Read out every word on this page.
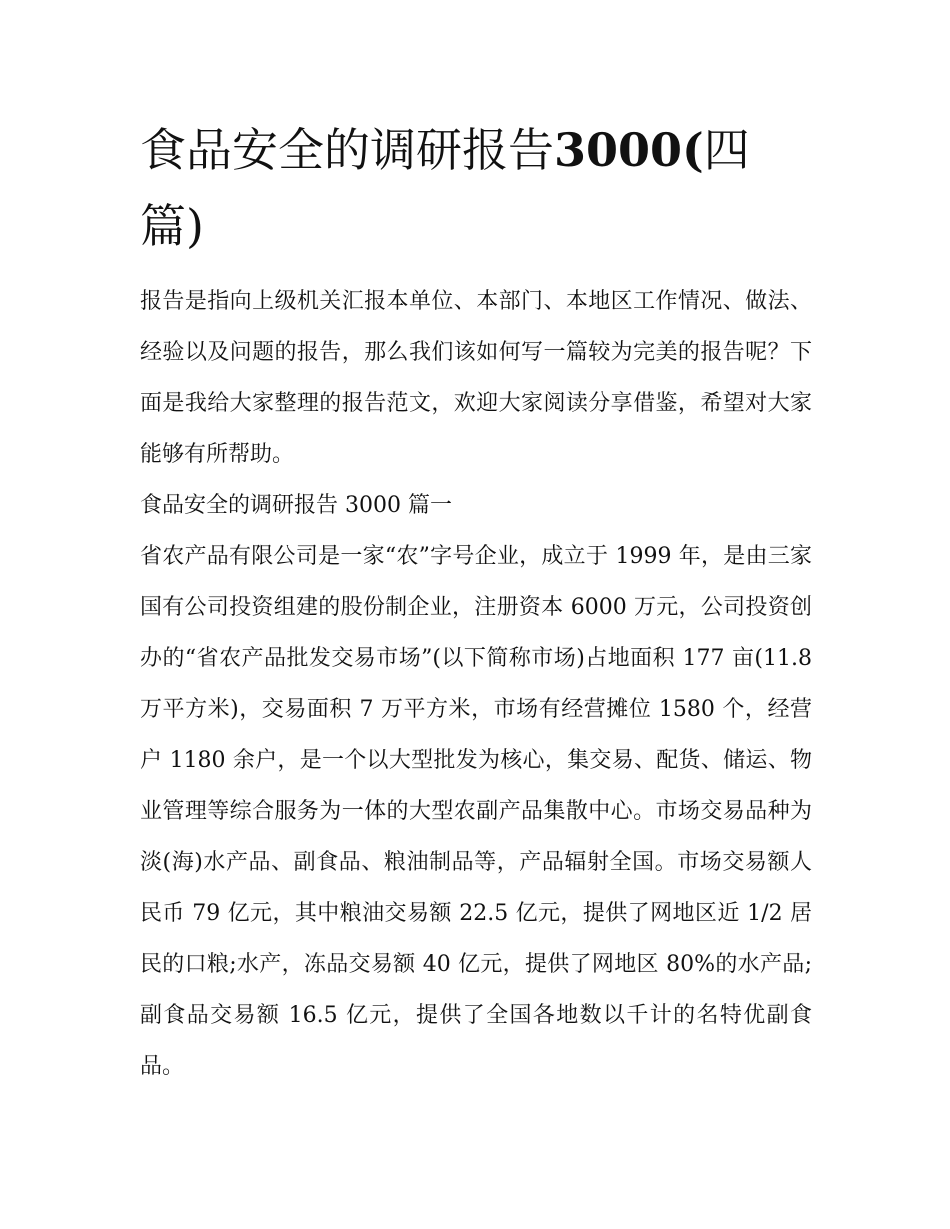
食品安全的调研报告3000(四篇)

报告是指向上级机关汇报本单位、本部门、本地区工作情况、做法、经验以及问题的报告，那么我们该如何写一篇较为完美的报告呢？下面是我给大家整理的报告范文，欢迎大家阅读分享借鉴，希望对大家能够有所帮助。

食品安全的调研报告 3000 篇一

省农产品有限公司是一家“农”字号企业，成立于 1999 年，是由三家国有公司投资组建的股份制企业，注册资本 6000 万元，公司投资创办的“省农产品批发交易市场”(以下简称市场)占地面积 177 亩(11.8 万平方米)，交易面积 7 万平方米，市场有经营摊位 1580 个，经营户 1180 余户，是一个以大型批发为核心，集交易、配货、储运、物业管理等综合服务为一体的大型农副产品集散中心。市场交易品种为淡(海)水产品、副食品、粮油制品等，产品辐射全国。市场交易额人民币 79 亿元，其中粮油交易额 22.5 亿元，提供了网地区近 1/2 居民的口粮;水产，冻品交易额 40 亿元，提供了网地区 80%的水产品;副食品交易额 16.5 亿元，提供了全国各地数以千计的名特优副食品。
